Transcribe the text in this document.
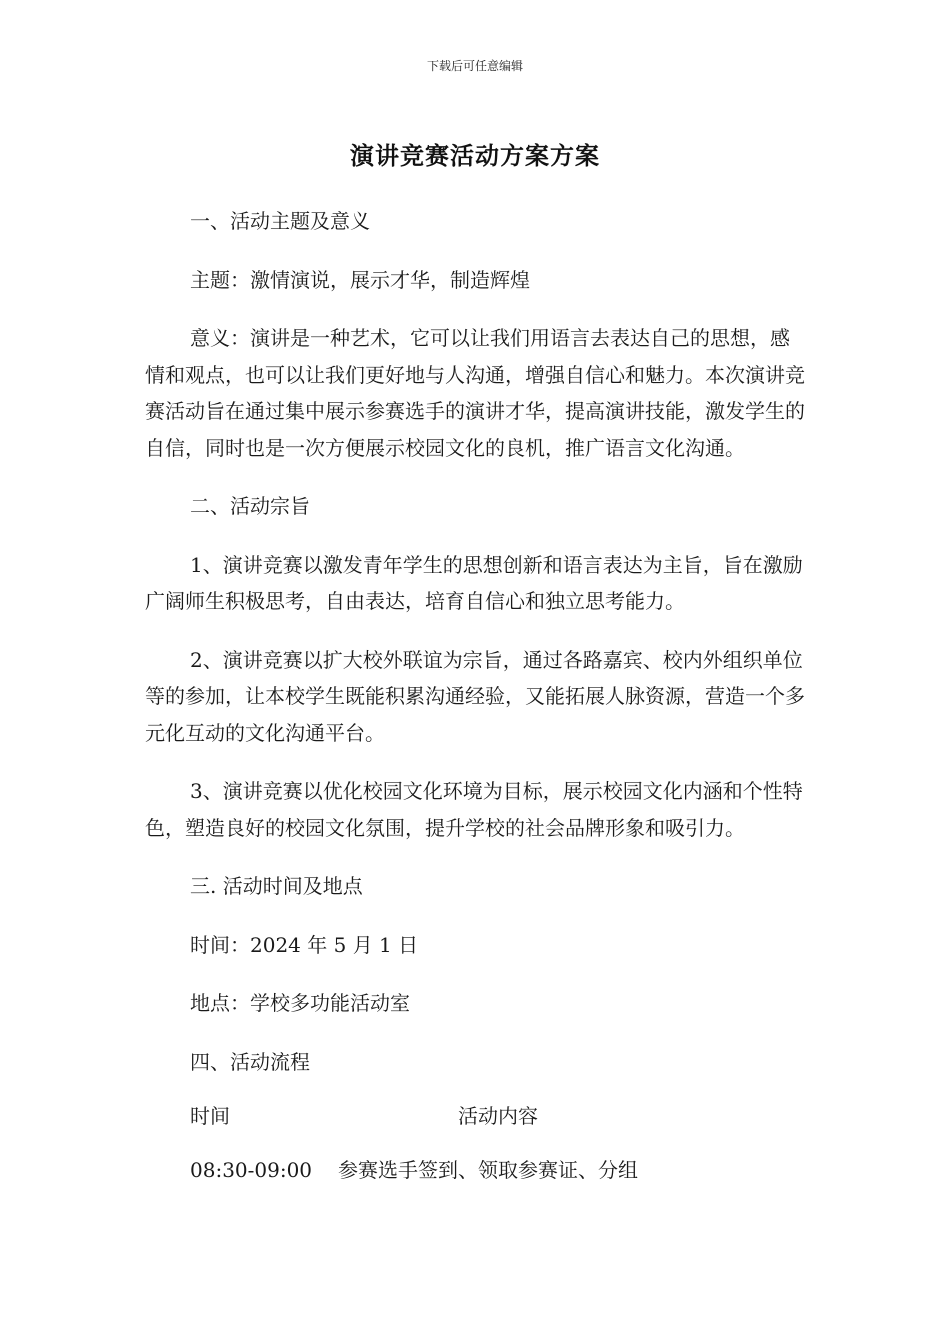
下载后可任意编辑
演讲竞赛活动方案方案

一、活动主题及意义

主题：激情演说，展示才华，制造辉煌

意义：演讲是一种艺术，它可以让我们用语言去表达自己的思想，感情和观点，也可以让我们更好地与人沟通，增强自信心和魅力。本次演讲竞赛活动旨在通过集中展示参赛选手的演讲才华，提高演讲技能，激发学生的自信，同时也是一次方便展示校园文化的良机，推广语言文化沟通。

二、活动宗旨

1、演讲竞赛以激发青年学生的思想创新和语言表达为主旨，旨在激励广阔师生积极思考，自由表达，培育自信心和独立思考能力。

2、演讲竞赛以扩大校外联谊为宗旨，通过各路嘉宾、校内外组织单位等的参加，让本校学生既能积累沟通经验，又能拓展人脉资源，营造一个多元化互动的文化沟通平台。

3、演讲竞赛以优化校园文化环境为目标，展示校园文化内涵和个性特色，塑造良好的校园文化氛围，提升学校的社会品牌形象和吸引力。

三. 活动时间及地点

时间：2024 年 5 月 1 日

地点：学校多功能活动室

四、活动流程

时间	活动内容
08:30-09:00	参赛选手签到、领取参赛证、分组
